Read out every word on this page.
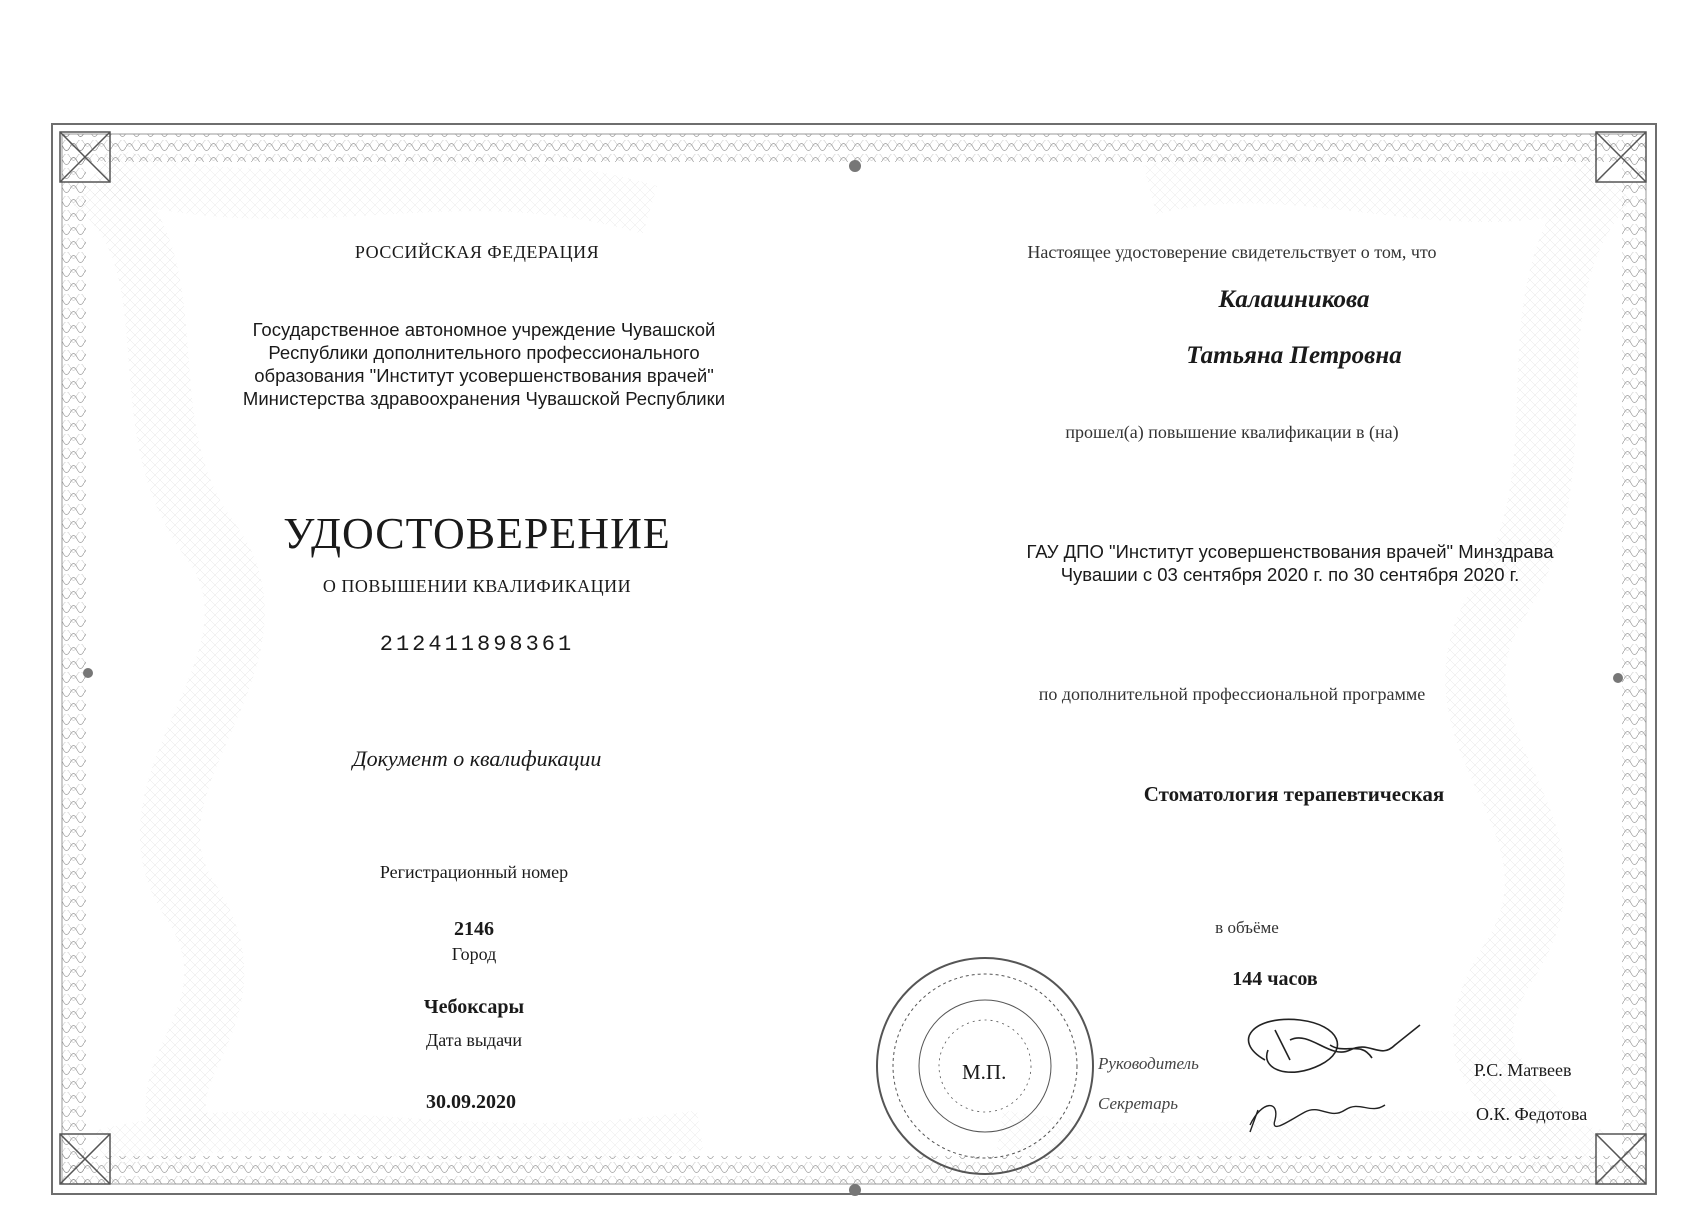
РОССИЙСКАЯ ФЕДЕРАЦИЯ
Государственное автономное учреждение Чувашской
Республики дополнительного профессионального
образования "Институт усовершенствования врачей"
Министерства здравоохранения Чувашской Республики
УДОСТОВЕРЕНИЕ
О ПОВЫШЕНИИ КВАЛИФИКАЦИИ
212411898361
Документ о квалификации
Регистрационный номер
2146
Город
Чебоксары
Дата выдачи
30.09.2020
Настоящее удостоверение свидетельствует о том, что
Калашникова
Татьяна Петровна
прошел(а) повышение квалификации в (на)
ГАУ ДПО "Институт усовершенствования врачей" Минздрава
Чувашии с 03 сентября 2020 г. по 30 сентября 2020 г.
по дополнительной профессиональной программе
Стоматология терапевтическая
в объёме
144 часов
М.П.	Руководитель	Р.С. Матвеев
Секретарь
О.К. Федотова
